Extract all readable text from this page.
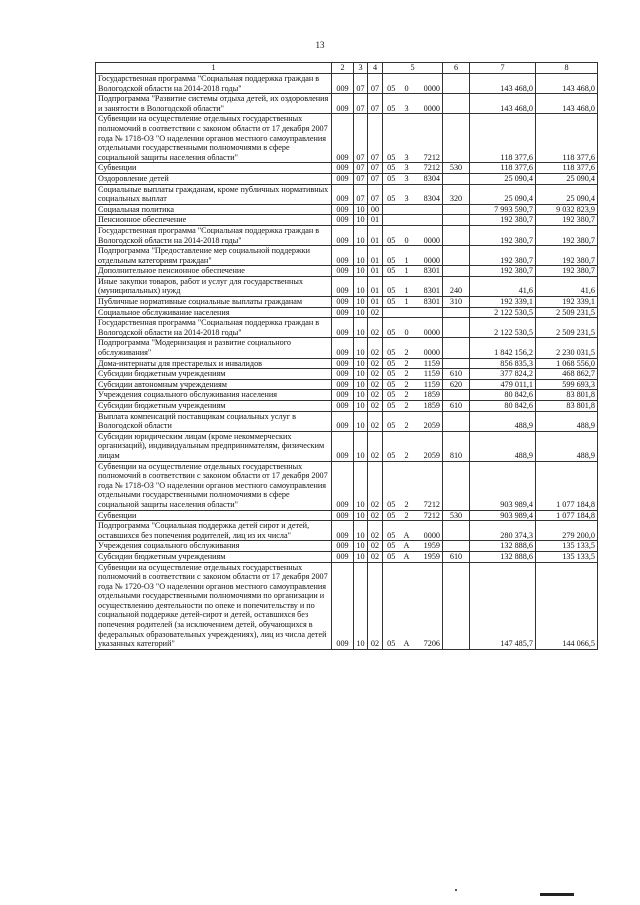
13
1	2	3	4	5			6	7	8
Государственная программа "Социальная поддержка граждан в Вологодской области на 2014-2018 годы"	009	07	07	05	0	0000		143 468,0	143 468,0
Подпрограмма "Развитие системы отдыха детей, их оздоровления и занятости в Вологодской области"	009	07	07	05	3	0000		143 468,0	143 468,0
Субвенции на осуществление отдельных государственных полномочий в соответствии с законом области от 17 декабря 2007 года № 1718-ОЗ "О наделении органов местного самоуправления отдельными государственными полномочиями в сфере социальной защиты населения области"	009	07	07	05	3	7212		118 377,6	118 377,6
Субвенции	009	07	07	05	3	7212	530	118 377,6	118 377,6
Оздоровление детей	009	07	07	05	3	8304		25 090,4	25 090,4
Социальные выплаты гражданам, кроме публичных нормативных социальных выплат	009	07	07	05	3	8304	320	25 090,4	25 090,4
Социальная политика	009	10	00					7 993 590,7	9 032 823,9
Пенсионное обеспечение	009	10	01					192 380,7	192 380,7
Государственная программа "Социальная поддержка граждан в Вологодской области на 2014-2018 годы"	009	10	01	05	0	0000		192 380,7	192 380,7
Подпрограмма "Предоставление мер социальной поддержки отдельным категориям граждан"	009	10	01	05	1	0000		192 380,7	192 380,7
Дополнительное пенсионное обеспечение	009	10	01	05	1	8301		192 380,7	192 380,7
Иные закупки товаров, работ и услуг для государственных (муниципальных) нужд	009	10	01	05	1	8301	240	41,6	41,6
Публичные нормативные социальные выплаты гражданам	009	10	01	05	1	8301	310	192 339,1	192 339,1
Социальное обслуживание населения	009	10	02					2 122 530,5	2 509 231,5
Государственная программа "Социальная поддержка граждан в Вологодской области на 2014-2018 годы"	009	10	02	05	0	0000		2 122 530,5	2 509 231,5
Подпрограмма "Модернизация и развитие социального обслуживания"	009	10	02	05	2	0000		1 842 156,2	2 230 031,5
Дома-интернаты для престарелых и инвалидов	009	10	02	05	2	1159		856 835,3	1 068 556,0
Субсидии бюджетным учреждениям	009	10	02	05	2	1159	610	377 824,2	468 862,7
Субсидии автономным учреждениям	009	10	02	05	2	1159	620	479 011,1	599 693,3
Учреждения социального обслуживания населения	009	10	02	05	2	1859		80 842,6	83 801,8
Субсидии бюджетным учреждениям	009	10	02	05	2	1859	610	80 842,6	83 801,8
Выплата компенсаций поставщикам социальных услуг в Вологодской области	009	10	02	05	2	2059		488,9	488,9
Субсидии юридическим лицам (кроме некоммерческих организаций), индивидуальным предпринимателям, физическим лицам	009	10	02	05	2	2059	810	488,9	488,9
Субвенции на осуществление отдельных государственных полномочий в соответствии с законом области от 17 декабря 2007 года № 1718-ОЗ "О наделении органов местного самоуправления отдельными государственными полномочиями в сфере социальной защиты населения области"	009	10	02	05	2	7212		903 989,4	1 077 184,8
Субвенции	009	10	02	05	2	7212	530	903 989,4	1 077 184,8
Подпрограмма "Социальная поддержка детей сирот и детей, оставшихся без попечения родителей, лиц из их числа"	009	10	02	05	А	0000		280 374,3	279 200,0
Учреждения социального обслуживания	009	10	02	05	А	1959		132 888,6	135 133,5
Субсидии бюджетным учреждениям	009	10	02	05	А	1959	610	132 888,6	135 133,5
Субвенции на осуществление отдельных государственных полномочий в соответствии с законом области от 17 декабря 2007 года № 1720-ОЗ "О наделении органов местного самоуправления отдельными государственными полномочиями по организации и осуществлению деятельности по опеке и попечительству и по социальной поддержке детей-сирот и детей, оставшихся без попечения родителей (за исключением детей, обучающихся в федеральных образовательных учреждениях), лиц из числа детей указанных категорий"	009	10	02	05	А	7206		147 485,7	144 066,5
